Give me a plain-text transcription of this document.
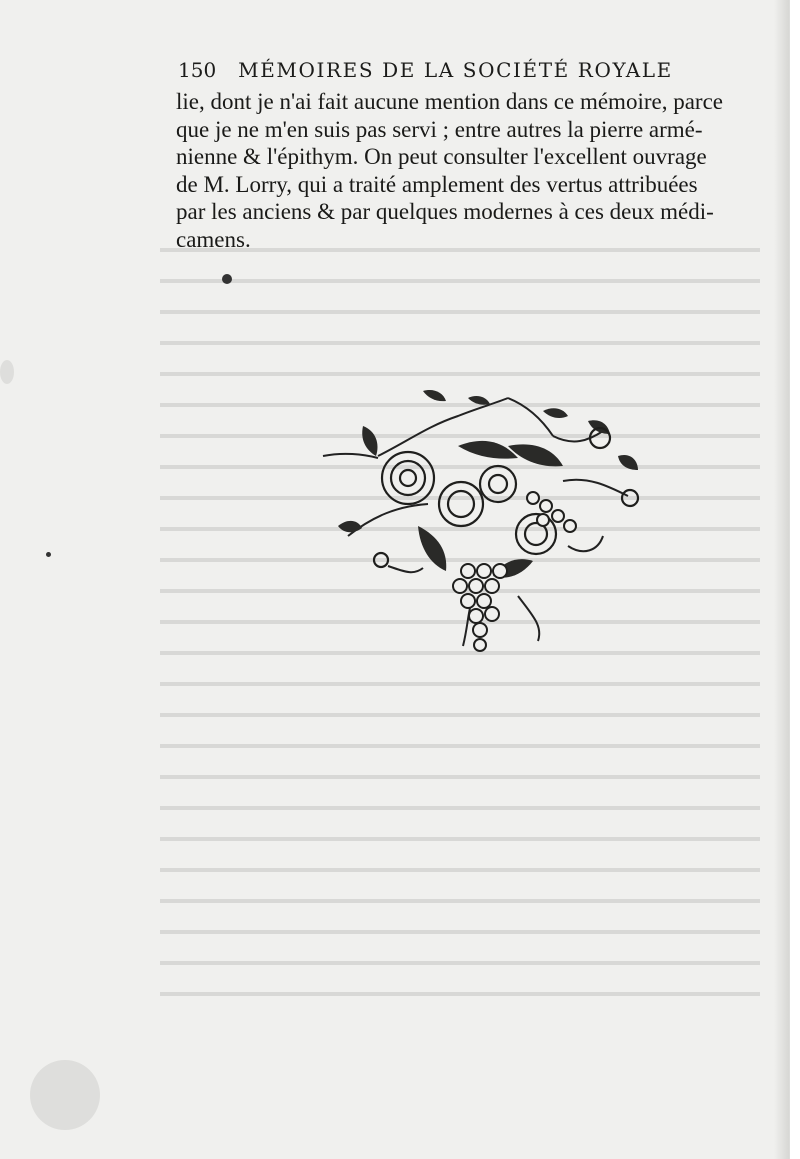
150 MÉMOIRES DE LA SOCIÉTÉ ROYALE
lie, dont je n'ai fait aucune mention dans ce mémoire, parce
que je ne m'en suis pas servi ; entre autres la pierre armé-
nienne & l'épithym. On peut consulter l'excellent ouvrage
de M. Lorry, qui a traité amplement des vertus attribuées
par les anciens & par quelques modernes à ces deux médi-
camens.
